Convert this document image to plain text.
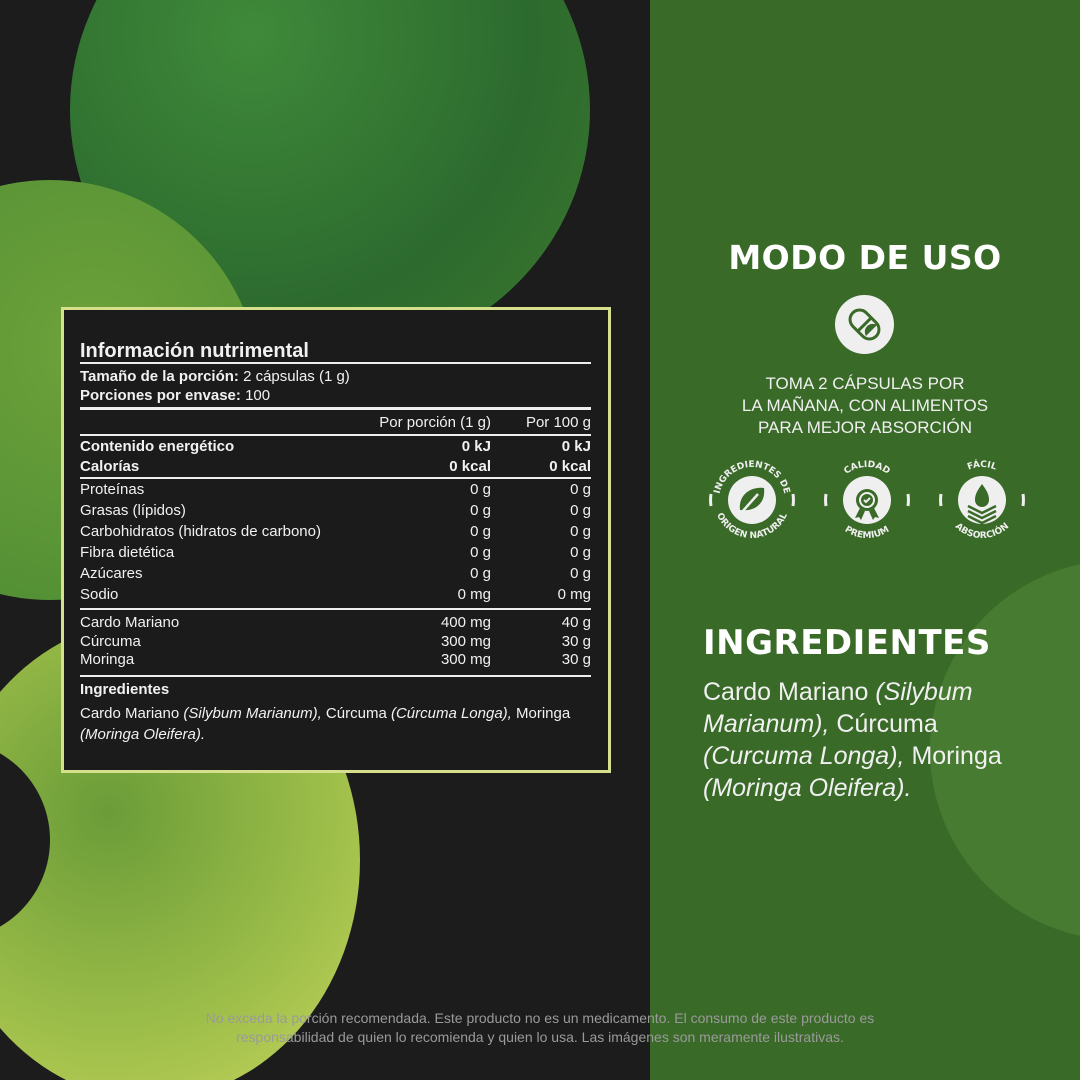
Información nutrimental
Tamaño de la porción: 2 cápsulas (1 g)
Porciones por envase: 100
Por porción (1 g) Por 100 g
Contenido energético	0 kJ	0 kJ
Calorías	0 kcal	0 kcal
Proteínas	0 g	0 g
Grasas (lípidos)	0 g	0 g
Carbohidratos (hidratos de carbono)	0 g	0 g
Fibra dietética	0 g	0 g
Azúcares	0 g	0 g
Sodio	0 mg	0 mg
Cardo Mariano	400 mg	40 g
Cúrcuma	300 mg	30 g
Moringa	300 mg	30 g
Ingredientes
Cardo Mariano (Silybum Marianum), Cúrcuma (Cúrcuma Longa), Moringa (Moringa Oleifera).
MODO DE USO
TOMA 2 CÁPSULAS POR
LA MAÑANA, CON ALIMENTOS
PARA MEJOR ABSORCIÓN
INGREDIENTES DE
ORIGEN NATURAL
CALIDAD
PREMIUM
FÁCIL
ABSORCIÓN
INGREDIENTES
Cardo Mariano (Silybum Marianum), Cúrcuma (Curcuma Longa), Moringa (Moringa Oleifera).
No exceda la porción recomendada. Este producto no es un medicamento. El consumo de este producto es
responsabilidad de quien lo recomienda y quien lo usa. Las imágenes son meramente ilustrativas.
